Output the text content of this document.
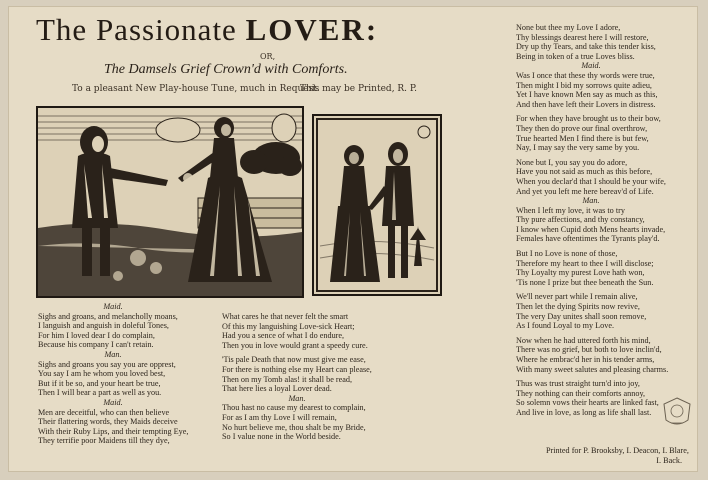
The Passionate LOVER:
OR,
The Damsels Grief Crown'd with Comforts.
To a pleasant New Play-house Tune, much in Request.
This may be Printed, R. P.
Maid.
Sighs and groans, and melancholly moans,
I languish and anguish in doleful Tones,
For him I loved dear I do complain,
Because his company I can't retain.
Man.
Sighs and groans you say you are opprest,
You say I am he whom you loved best,
But if it be so, and your heart be true,
Then I will bear a part as well as you.
Maid.
Men are deceitful, who can then believe
Their flattering words, they Maids deceive
With their Ruby Lips, and their tempting Eye,
They terrifie poor Maidens till they dye,
What cares he that never felt the smart
Of this my languishing Love-sick Heart;
Had you a sence of what I do endure,
Then you in love would grant a speedy cure.
'Tis pale Death that now must give me ease,
For there is nothing else my Heart can please,
Then on my Tomb alas! it shall be read,
That here lies a loyal Lover dead.
Man.
Thou hast no cause my dearest to complain,
For as I am thy Love I will remain,
No hurt believe me, thou shalt be my Bride,
So I value none in the World beside.
None but thee my Love I adore,
Thy blessings dearest here I will restore,
Dry up thy Tears, and take this tender kiss,
Being in token of a true Loves bliss.
Maid.
Was I once that these thy words were true,
Then might I bid my sorrows quite adieu,
Yet I have known Men say as much as this,
And then have left their Lovers in distress.
For when they have brought us to their bow,
They then do prove our final overthrow,
True hearted Men I find there is but few,
Nay, I may say the very same by you.
None but I, you say you do adore,
Have you not said as much as this before,
When you declar'd that I should be your wife,
And yet you left me here bereav'd of Life.
Man.
When I left my love, it was to try
Thy pure affections, and thy constancy,
I know when Cupid doth Mens hearts invade,
Females have oftentimes the Tyrants play'd.
But I no Love is none of those,
Therefore my heart to thee I will disclose;
Thy Loyalty my purest Love hath won,
'Tis none I prize but thee beneath the Sun.
We'll never part while I remain alive,
Then let the dying Spirits now revive,
The very Day unites shall soon remove,
As I found Loyal to my Love.
Now when he had uttered forth his mind,
There was no grief, but both to love inclin'd,
Where he embrac'd her in his tender arms,
With many sweet salutes and pleasing charms.
Thus was trust straight turn'd into joy,
They nothing can their comforts annoy,
So solemn vows their hearts are linked fast,
And live in love, as long as life shall last.
Printed for P. Brooksby, I. Deacon, I. Blare,
I. Back.
